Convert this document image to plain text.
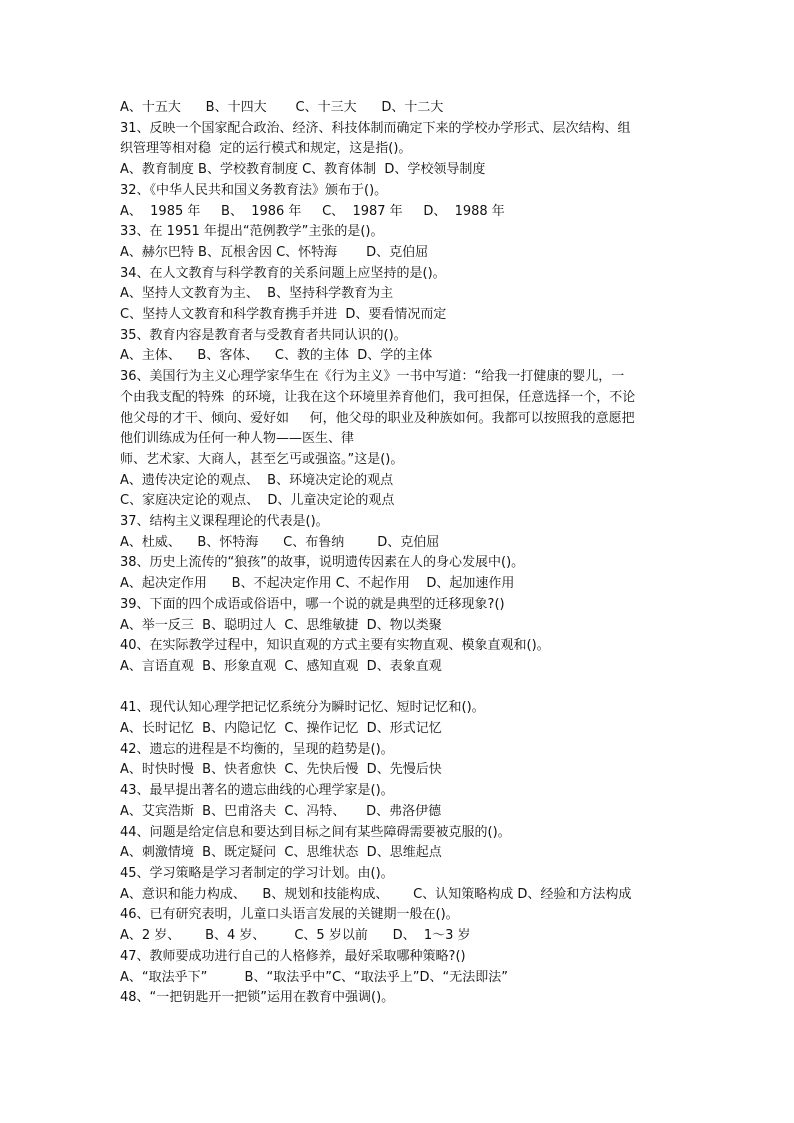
A、十五大      B、十四大       C、十三大      D、十二大
31、反映一个国家配合政治、经济、科技体制而确定下来的学校办学形式、层次结构、组
织管理等相对稳  定的运行模式和规定，这是指()。
A、教育制度 B、学校教育制度 C、教育体制  D、学校领导制度
32、《中华人民共和国义务教育法》颁布于()。
A、  1985 年     B、  1986 年     C、  1987 年     D、  1988 年
33、在 1951 年提出“范例教学”主张的是()。
A、赫尔巴特 B、瓦根舍因 C、怀特海       D、克伯屈
34、在人文教育与科学教育的关系问题上应坚持的是()。
A、坚持人文教育为主、  B、坚持科学教育为主
C、坚持人文教育和科学教育携手并进  D、要看情况而定
35、教育内容是教育者与受教育者共同认识的()。
A、主体、    B、客体、    C、教的主体  D、学的主体
36、美国行为主义心理学家华生在《行为主义》一书中写道：“给我一打健康的婴儿，一
个由我支配的特殊  的环境，让我在这个环境里养育他们，我可担保，任意选择一个，不论
他父母的才干、倾向、爱好如     何，他父母的职业及种族如何。我都可以按照我的意愿把
他们训练成为任何一种人物——医生、律
师、艺术家、大商人，甚至乞丐或强盗。”这是()。
A、遗传决定论的观点、  B、环境决定论的观点
C、家庭决定论的观点、  D、儿童决定论的观点
37、结构主义课程理论的代表是()。
A、杜威、    B、怀特海      C、布鲁纳        D、克伯屈
38、历史上流传的“狼孩”的故事，说明遗传因素在人的身心发展中()。
A、起决定作用      B、不起决定作用 C、不起作用    D、起加速作用
39、下面的四个成语或俗语中，哪一个说的就是典型的迁移现象?()
A、举一反三  B、聪明过人  C、思维敏捷  D、物以类聚
40、在实际教学过程中，知识直观的方式主要有实物直观、模象直观和()。
A、言语直观  B、形象直观  C、感知直观  D、表象直观
41、现代认知心理学把记忆系统分为瞬时记忆、短时记忆和()。
A、长时记忆  B、内隐记忆  C、操作记忆  D、形式记忆
42、遗忘的进程是不均衡的，呈现的趋势是()。
A、时快时慢  B、快者愈快  C、先快后慢  D、先慢后快
43、最早提出著名的遗忘曲线的心理学家是()。
A、艾宾浩斯  B、巴甫洛夫  C、冯特、     D、弗洛伊德
44、问题是给定信息和要达到目标之间有某些障碍需要被克服的()。
A、刺激情境  B、既定疑问  C、思维状态  D、思维起点
45、学习策略是学习者制定的学习计划。由()。
A、意识和能力构成、    B、规划和技能构成、      C、认知策略构成 D、经验和方法构成
46、已有研究表明，儿童口头语言发展的关键期一般在()。
A、2 岁、      B、4 岁、       C、5 岁以前      D、  1～3 岁
47、教师要成功进行自己的人格修养，最好采取哪种策略?()
A、“取法乎下”         B、“取法乎中”C、“取法乎上”D、“无法即法”
48、“一把钥匙开一把锁”运用在教育中强调()。
